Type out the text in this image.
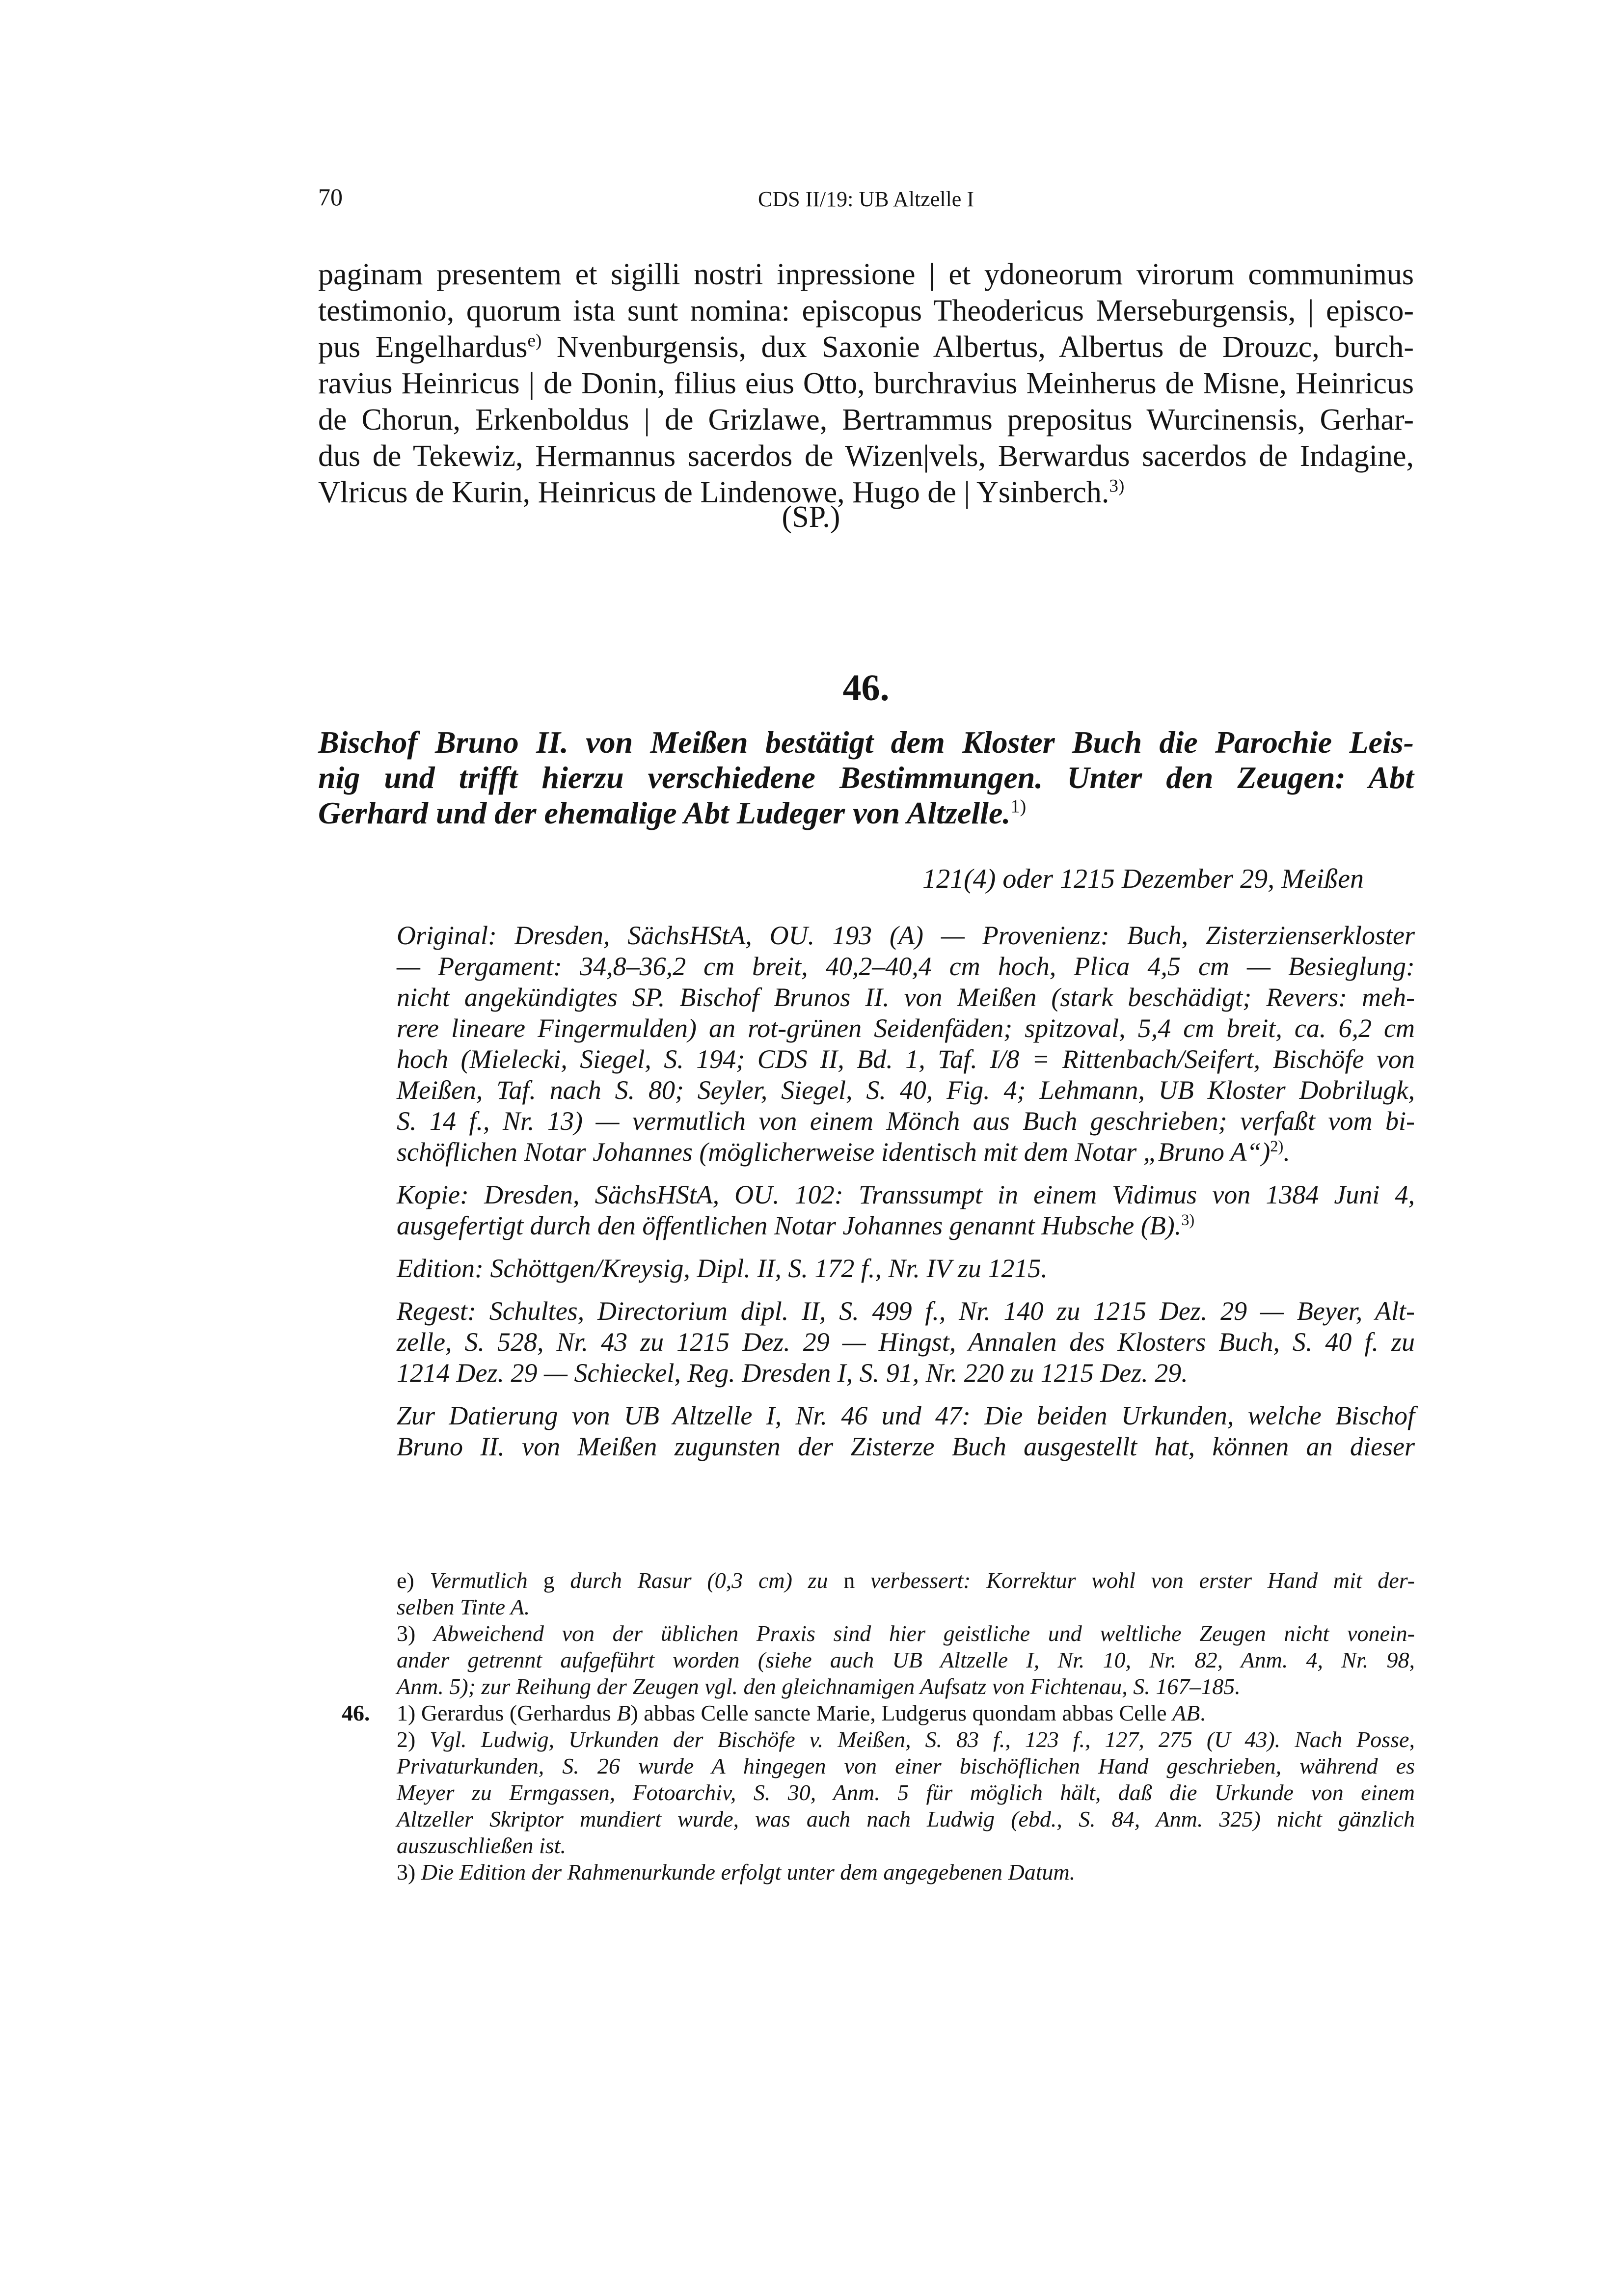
70	CDS II/19: UB Altzelle I
paginam presentem et sigilli nostri inpressione | et ydoneorum virorum communimus
testimonio, quorum ista sunt nomina: episcopus Theodericus Merseburgensis, | episco-
pus Engelhardus$^{e)}$ Nvenburgensis, dux Saxonie Albertus, Albertus de Drouzc, burch-
ravius Heinricus | de Donin, filius eius Otto, burchravius Meinherus de Misne, Heinricus
de Chorun, Erkenboldus | de Grizlawe, Bertrammus prepositus Wurcinensis, Gerhar-
dus de Tekewiz, Hermannus sacerdos de Wizen|vels, Berwardus sacerdos de Indagine,
Vlricus de Kurin, Heinricus de Lindenowe, Hugo de | Ysinberch.$^{3)}$
(SP.)
46.
Bischof Bruno II. von Meißen bestätigt dem Kloster Buch die Parochie Leis-
nig und trifft hierzu verschiedene Bestimmungen. Unter den Zeugen: Abt
Gerhard und der ehemalige Abt Ludeger von Altzelle.$^{1)}$
121(4) oder 1215 Dezember 29, Meißen
Original: Dresden, SächsHStA, OU. 193 (A) — Provenienz: Buch, Zisterzienserkloster
— Pergament: 34,8–36,2 cm breit, 40,2–40,4 cm hoch, Plica 4,5 cm — Besieglung:
nicht angekündigtes SP. Bischof Brunos II. von Meißen (stark beschädigt; Revers: meh-
rere lineare Fingermulden) an rot-grünen Seidenfäden; spitzoval, 5,4 cm breit, ca. 6,2 cm
hoch (Mielecki, Siegel, S. 194; CDS II, Bd. 1, Taf. I/8 = Rittenbach/Seifert, Bischöfe von
Meißen, Taf. nach S. 80; Seyler, Siegel, S. 40, Fig. 4; Lehmann, UB Kloster Dobrilugk,
S. 14 f., Nr. 13) — vermutlich von einem Mönch aus Buch geschrieben; verfaßt vom bi-
schöflichen Notar Johannes (möglicherweise identisch mit dem Notar „Bruno A“)$^{2)}$.
Kopie: Dresden, SächsHStA, OU. 102: Transsumpt in einem Vidimus von 1384 Juni 4,
ausgefertigt durch den öffentlichen Notar Johannes genannt Hubsche (B).$^{3)}$
Edition: Schöttgen/Kreysig, Dipl. II, S. 172 f., Nr. IV zu 1215.
Regest: Schultes, Directorium dipl. II, S. 499 f., Nr. 140 zu 1215 Dez. 29 — Beyer, Alt-
zelle, S. 528, Nr. 43 zu 1215 Dez. 29 — Hingst, Annalen des Klosters Buch, S. 40 f. zu
1214 Dez. 29 — Schieckel, Reg. Dresden I, S. 91, Nr. 220 zu 1215 Dez. 29.
Zur Datierung von UB Altzelle I, Nr. 46 und 47: Die beiden Urkunden, welche Bischof
Bruno II. von Meißen zugunsten der Zisterze Buch ausgestellt hat, können an dieser
e) Vermutlich g durch Rasur (0,3 cm) zu n verbessert: Korrektur wohl von erster Hand mit der-
selben Tinte A.
3) Abweichend von der üblichen Praxis sind hier geistliche und weltliche Zeugen nicht vonein-
ander getrennt aufgeführt worden (siehe auch UB Altzelle I, Nr. 10, Nr. 82, Anm. 4, Nr. 98,
Anm. 5); zur Reihung der Zeugen vgl. den gleichnamigen Aufsatz von Fichtenau, S. 167–185.
46. 1) Gerardus (Gerhardus B) abbas Celle sancte Marie, Ludgerus quondam abbas Celle AB.
2) Vgl. Ludwig, Urkunden der Bischöfe v. Meißen, S. 83 f., 123 f., 127, 275 (U 43). Nach Posse,
Privaturkunden, S. 26 wurde A hingegen von einer bischöflichen Hand geschrieben, während es
Meyer zu Ermgassen, Fotoarchiv, S. 30, Anm. 5 für möglich hält, daß die Urkunde von einem
Altzeller Skriptor mundiert wurde, was auch nach Ludwig (ebd., S. 84, Anm. 325) nicht gänzlich
auszuschließen ist.
3) Die Edition der Rahmenurkunde erfolgt unter dem angegebenen Datum.
